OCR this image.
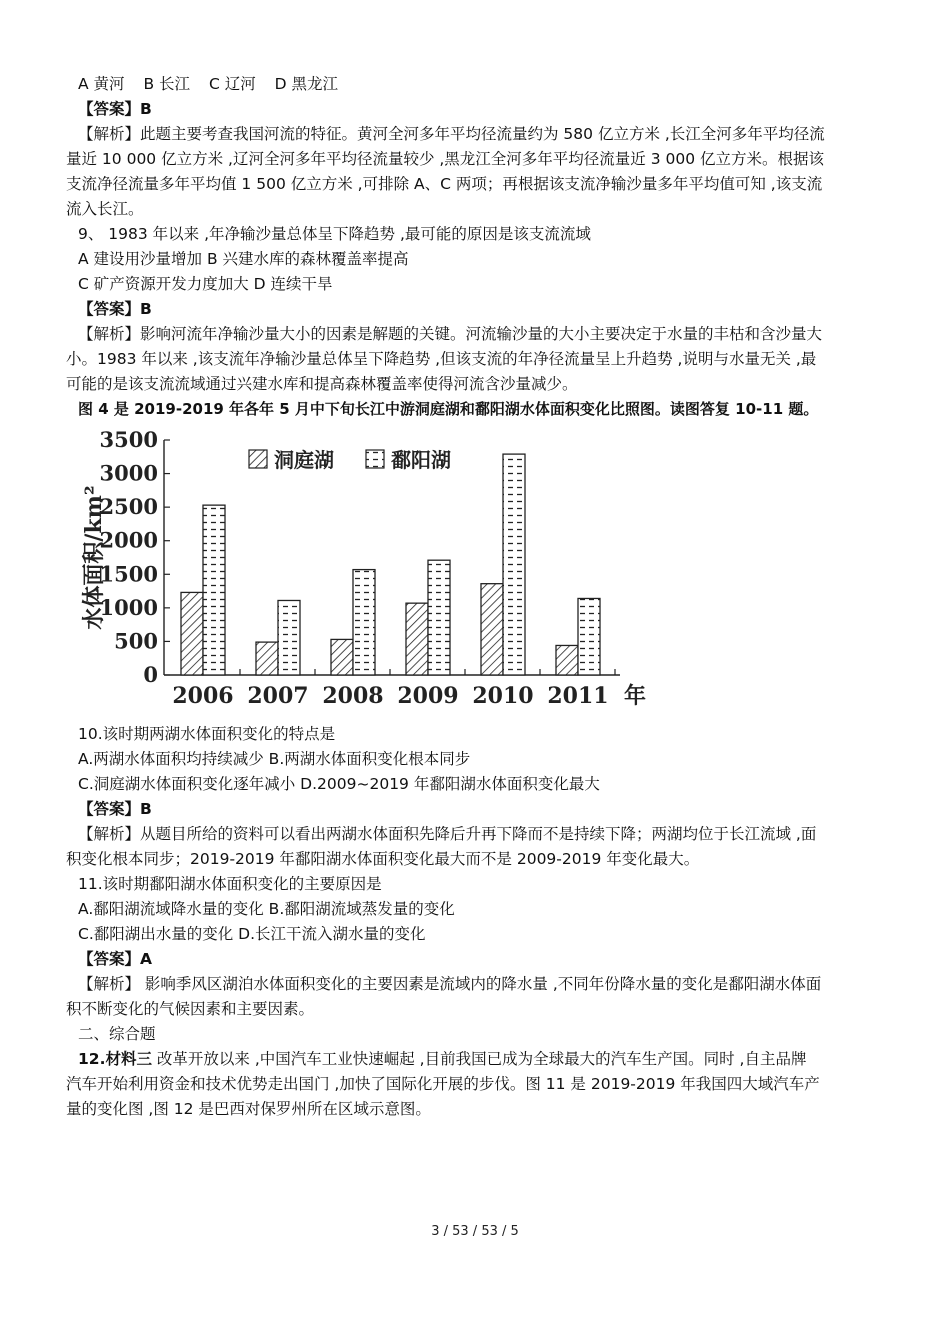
A 黄河 B 长江 C 辽河 D 黑龙江
【答案】B
【解析】此题主要考查我国河流的特征。黄河全河多年平均径流量约为 580 亿立方米 ,长江全河多年平均径流
量近 10 000 亿立方米 ,辽河全河多年平均径流量较少 ,黑龙江全河多年平均径流量近 3 000 亿立方米。根据该
支流净径流量多年平均值 1 500 亿立方米 ,可排除 A、C 两项；再根据该支流净输沙量多年平均值可知 ,该支流
流入长江。
9、 1983 年以来 ,年净输沙量总体呈下降趋势 ,最可能的原因是该支流流域
A 建设用沙量增加 B 兴建水库的森林覆盖率提高
C 矿产资源开发力度加大 D 连续干旱
【答案】B
【解析】影响河流年净输沙量大小的因素是解题的关键。河流输沙量的大小主要决定于水量的丰枯和含沙量大
小。1983 年以来 ,该支流年净输沙量总体呈下降趋势 ,但该支流的年净径流量呈上升趋势 ,说明与水量无关 ,最
可能的是该支流流域通过兴建水库和提高森林覆盖率使得河流含沙量减少。
图 4 是 2019-2019 年各年 5 月中下旬长江中游洞庭湖和鄱阳湖水体面积变化比照图。读图答复 10-11 题。
0
500
1000
1500
2000
2500
3000
3500
水体面积/km²
2006 2007 2008 2009 2010 2011 年
洞庭湖	鄱阳湖
10.该时期两湖水体面积变化的特点是
A.两湖水体面积均持续减少 B.两湖水体面积变化根本同步
C.洞庭湖水体面积变化逐年减小 D.2009~2019 年鄱阳湖水体面积变化最大
【答案】B
【解析】从题目所给的资料可以看出两湖水体面积先降后升再下降而不是持续下降；两湖均位于长江流域 ,面
积变化根本同步；2019-2019 年鄱阳湖水体面积变化最大而不是 2009-2019 年变化最大。
11.该时期鄱阳湖水体面积变化的主要原因是
A.鄱阳湖流域降水量的变化 B.鄱阳湖流域蒸发量的变化
C.鄱阳湖出水量的变化 D.长江干流入湖水量的变化
【答案】A
【解析】 影响季风区湖泊水体面积变化的主要因素是流域内的降水量 ,不同年份降水量的变化是鄱阳湖水体面
积不断变化的气候因素和主要因素。
二、综合题
12.材料三 改革开放以来 ,中国汽车工业快速崛起 ,目前我国已成为全球最大的汽车生产国。同时 ,自主品牌
汽车开始利用资金和技术优势走出国门 ,加快了国际化开展的步伐。图 11 是 2019-2019 年我国四大域汽车产
量的变化图 ,图 12 是巴西对保罗州所在区域示意图。
3 / 53 / 53 / 5
